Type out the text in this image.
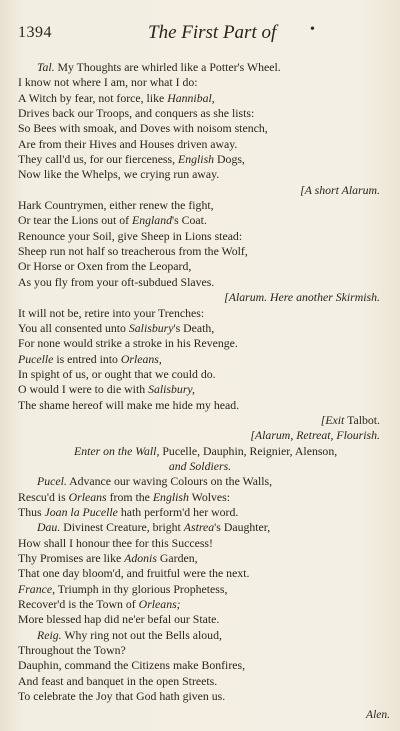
1394	The First Part of •
Tal. My Thoughts are whirled like a Potter's Wheel.
I know not where I am, nor what I do:
A Witch by fear, not force, like Hannibal,
Drives back our Troops, and conquers as she lists:
So Bees with smoak, and Doves with noisom stench,
Are from their Hives and Houses driven away.
They call'd us, for our fierceness, English Dogs,
Now like the Whelps, we crying run away.
[A short Alarum.
Hark Countrymen, either renew the fight,
Or tear the Lions out of England's Coat.
Renounce your Soil, give Sheep in Lions stead:
Sheep run not half so treacherous from the Wolf,
Or Horse or Oxen from the Leopard,
As you fly from your oft-subdued Slaves.
[Alarum. Here another Skirmish.
It will not be, retire into your Trenches:
You all consented unto Salisbury's Death,
For none would strike a stroke in his Revenge.
Pucelle is entred into Orleans,
In spight of us, or ought that we could do.
O would I were to die with Salisbury,
The shame hereof will make me hide my head.
[Exit Talbot.
[Alarum, Retreat, Flourish.
Enter on the Wall, Pucelle, Dauphin, Reignier, Alenson,
and Soldiers.
Pucel. Advance our waving Colours on the Walls,
Rescu'd is Orleans from the English Wolves:
Thus Joan la Pucelle hath perform'd her word.
Dau. Divinest Creature, bright Astrea's Daughter,
How shall I honour thee for this Success!
Thy Promises are like Adonis Garden,
That one day bloom'd, and fruitful were the next.
France, Triumph in thy glorious Prophetess,
Recover'd is the Town of Orleans;
More blessed hap did ne'er befal our State.
Reig. Why ring not out the Bells aloud,
Throughout the Town?
Dauphin, command the Citizens make Bonfires,
And feast and banquet in the open Streets.
To celebrate the Joy that God hath given us.
Alen.
